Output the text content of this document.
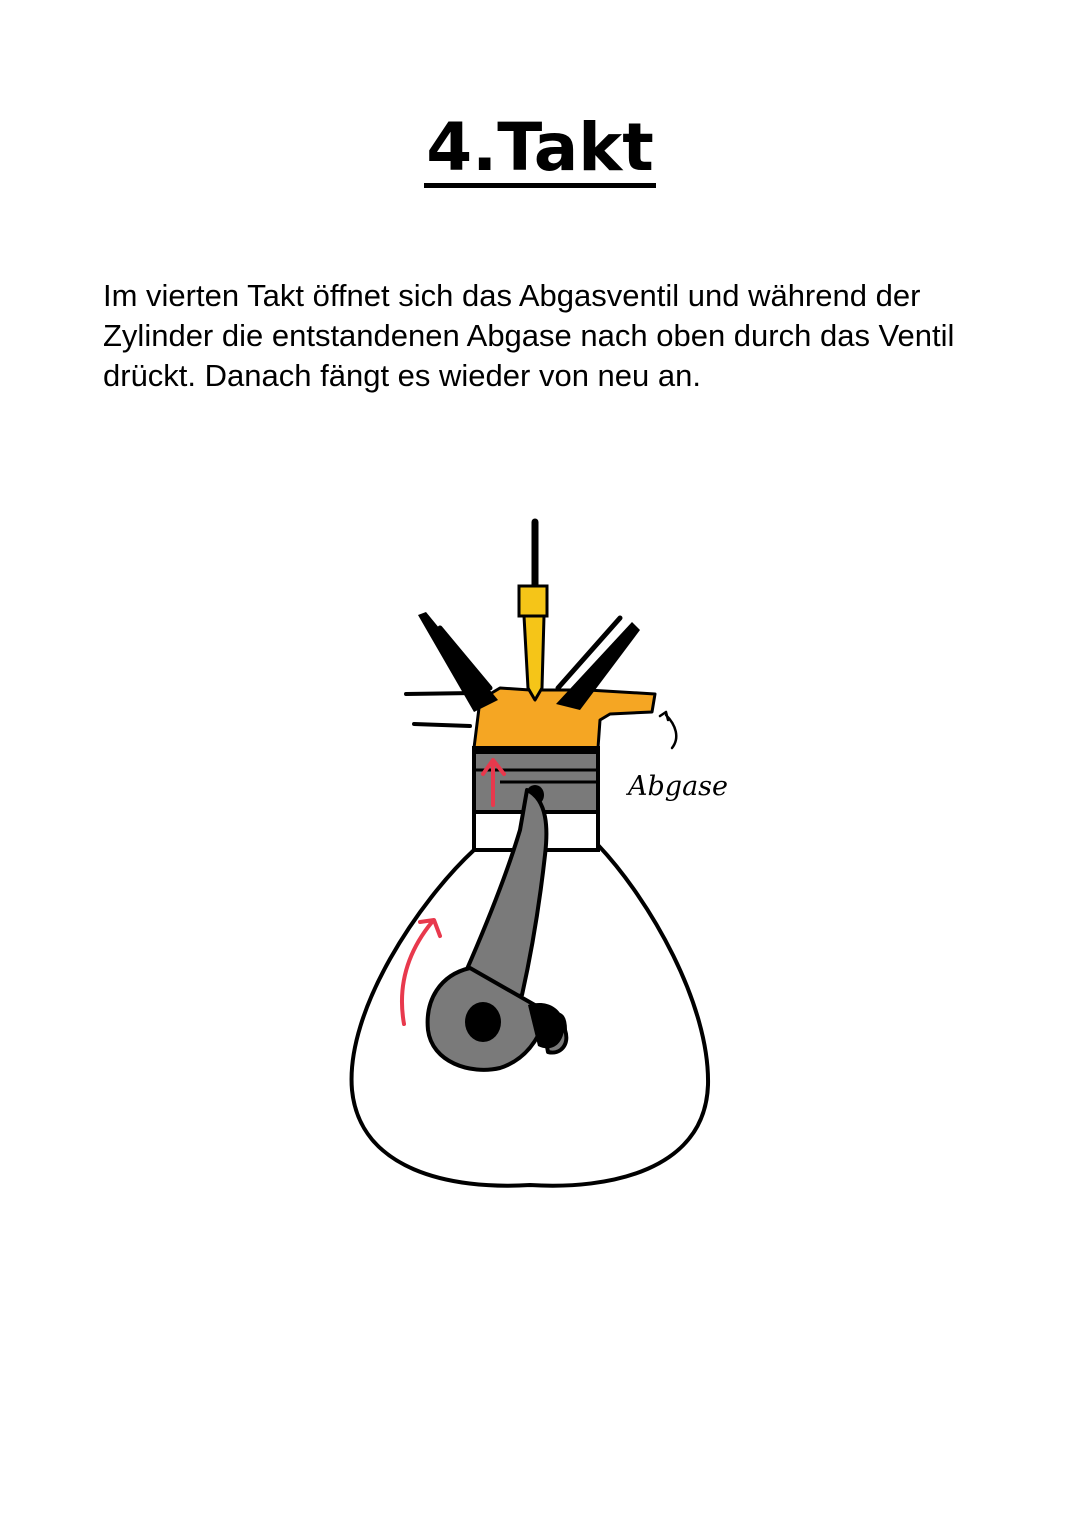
4.Takt

Im vierten Takt öffnet sich das Abgasventil und während der Zylinder die entstandenen Abgase nach oben durch das Ventil drückt. Danach fängt es wieder von neu an.

Abgase
